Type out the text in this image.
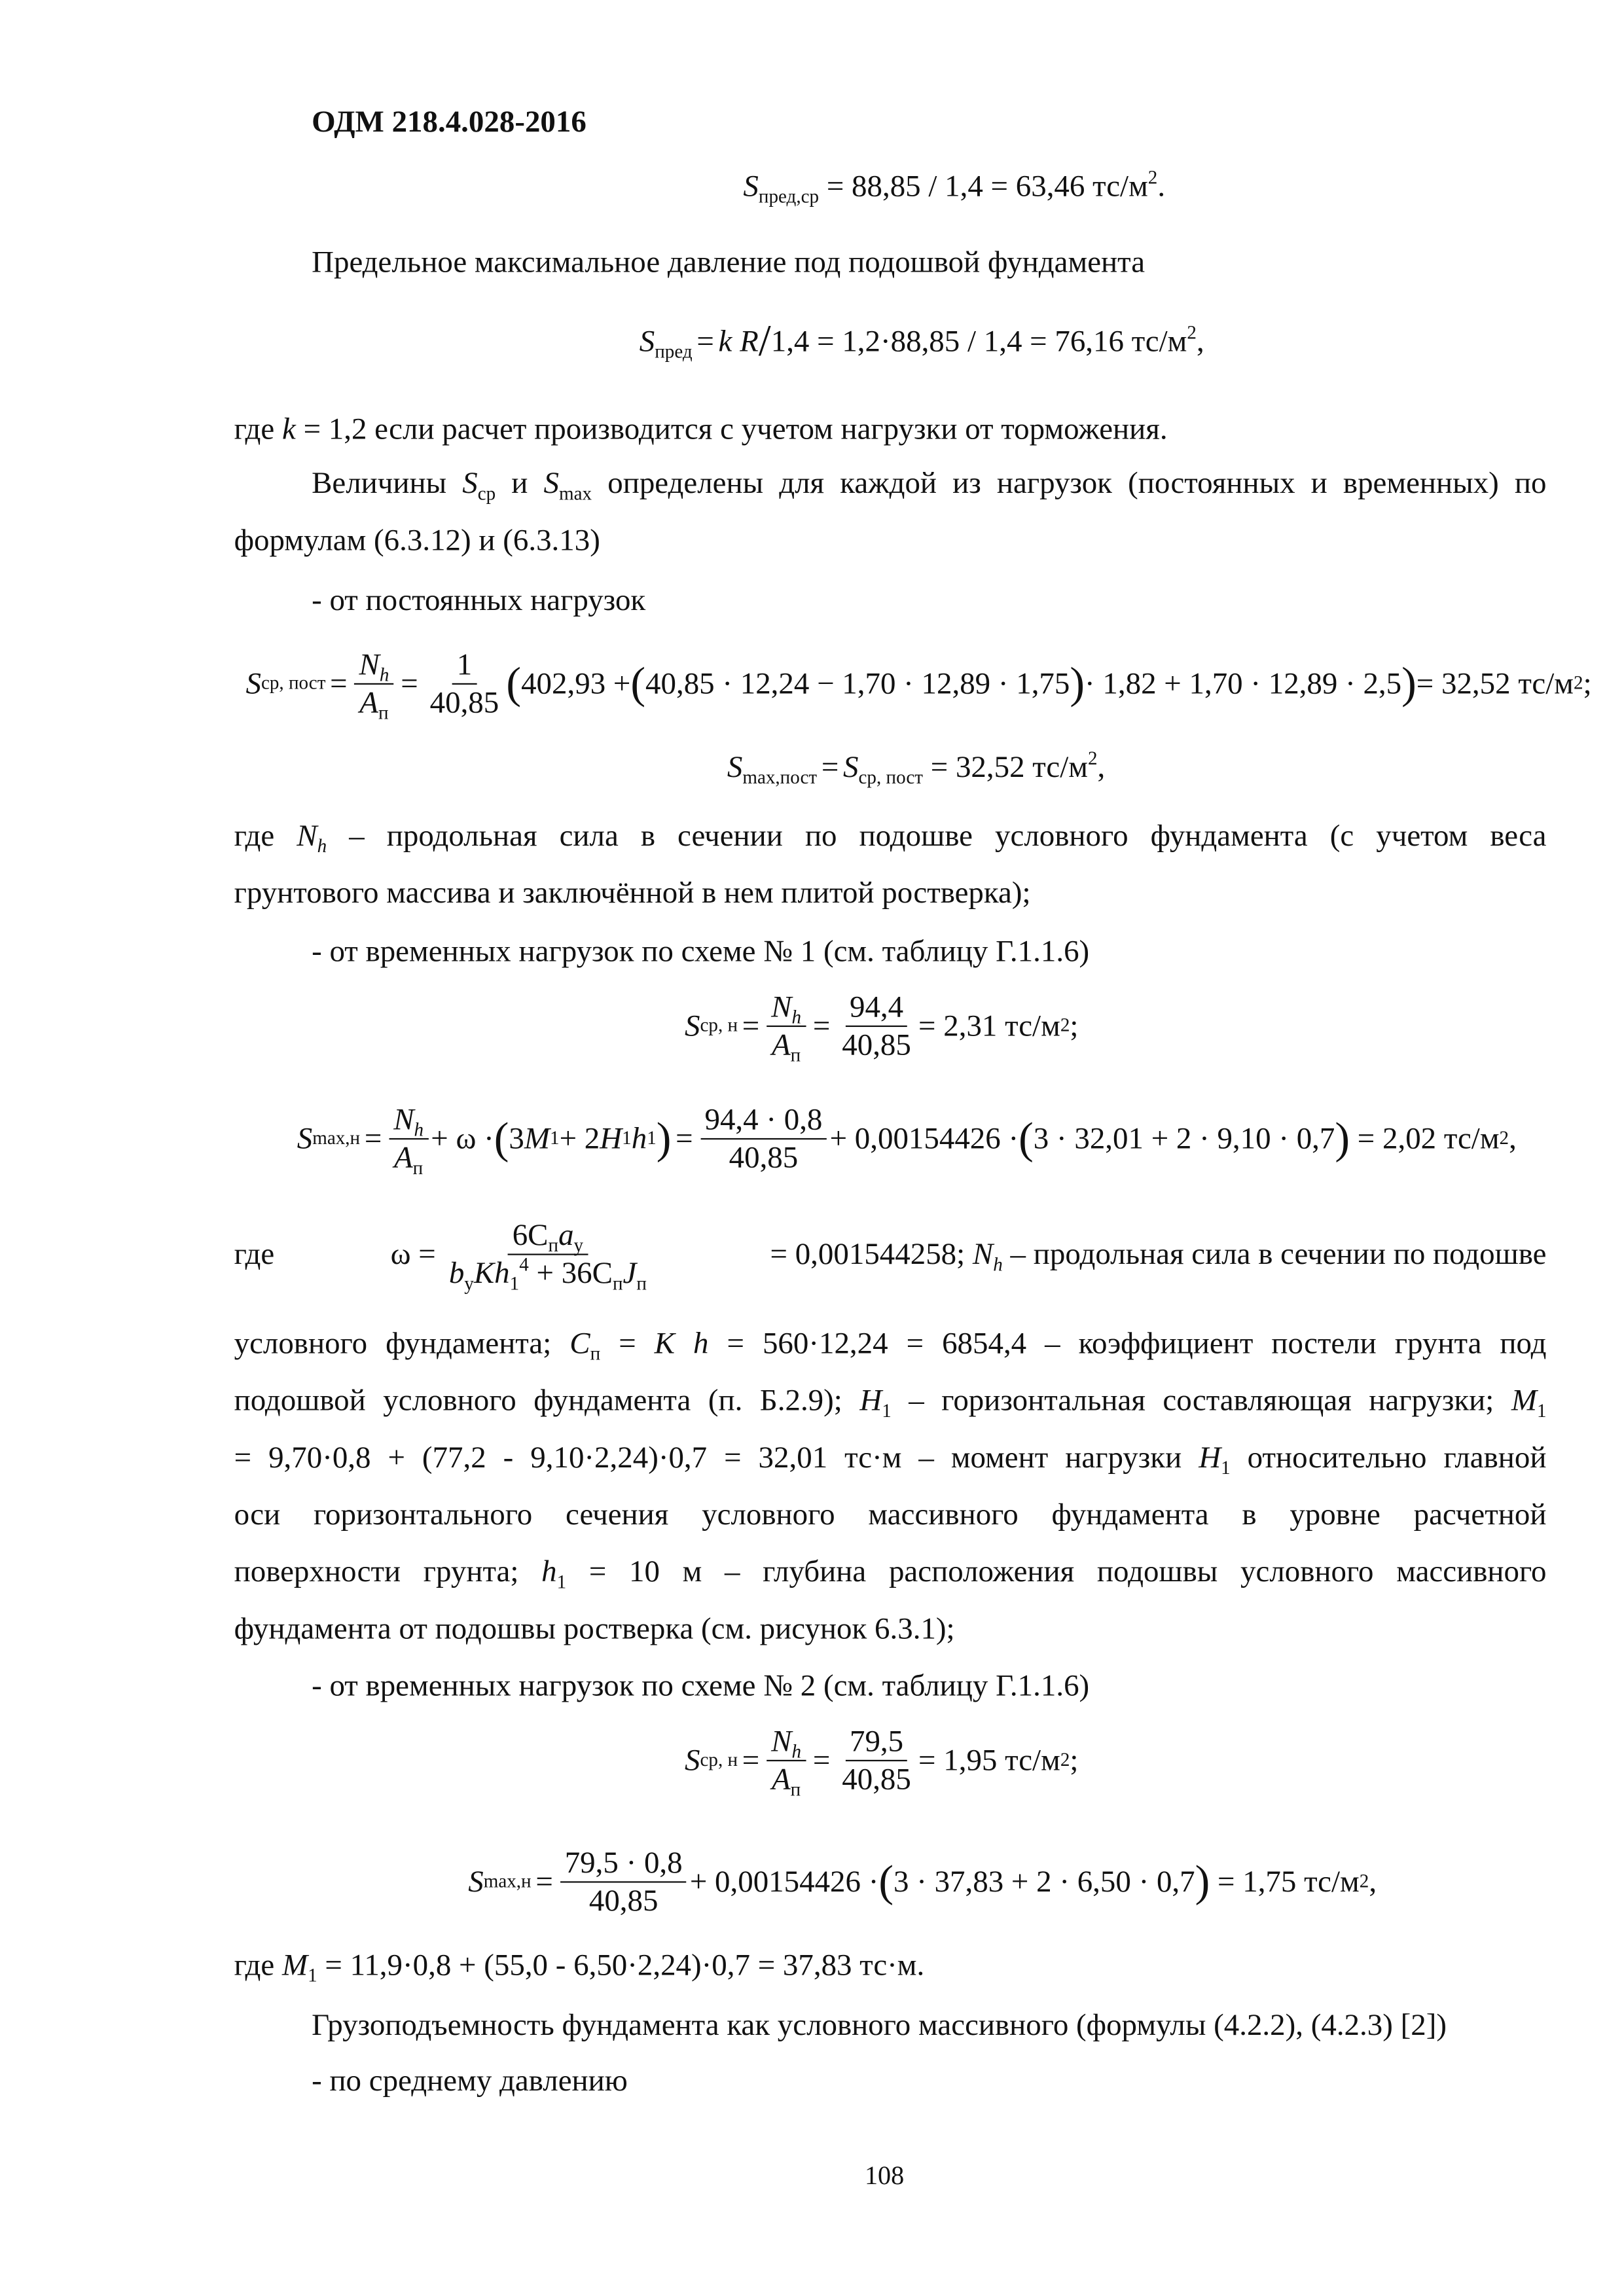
ОДМ 218.4.028-2016
$S_{пред,ср} = 88,85 / 1,4 = 63,46$ $тс/м^2$.
Предельное максимальное давление под подошвой фундамента
$S_{пред} = k$ R/1,4 = 1,2·88,85 / 1,4 = 76,16 $тс/м^2$,
где k = 1,2 если расчет производится с учетом нагрузки от торможения.
Величины $S_{ср}$ и $S_{max}$ определены для каждой из нагрузок (постоянных и временных) по
формулам (6.3.12) и (6.3.13)
- от постоянных нагрузок
S ср, пост = $\frac{N_h}{A_п} = \frac{1}{40,85}$ ( 402,93 + ( 40,85 · 12,24 − 1,70 · 12,89 · 1,75 ) · 1,82 + 1,70 · 12,89 · 2,5 ) = 32,52 тс/м 2 ;
$S_{max,пост} = S_{ср, пост} = 32,52$ $тс/м^2$,
где $N_h$ – продольная сила в сечении по подошве условного фундамента (с учетом веса
грунтового массива и заключённой в нем плитой ростверка);
- от временных нагрузок по схеме № 1 (см. таблицу Г.1.1.6)
S ср, $н = \frac{N_h}{A_п} = \frac{94,4}{40,85} = 2,31$ тс/м 2 ;
S $\max,н = \frac{N_h}{A_п} + \omega$ · ( 3 M 1 + 2 H 1 h 1 ) = $\frac{94,4 \cdot 0,8}{40,85} + 0,00154426$ · ( 3 · 32,01 + 2 · 9,10 · 0,7 )
= 2,02 тс/м 2 ,
где	$\omega = \frac{6C_пa_у}{b_уKh_1^4 + 36C_пJ_п}$	= 0,001544258; $N_h$ – продольная сила в сечении по подошве
условного фундамента; $C_п = K$ h = 560·12,24 = 6854,4 – коэффициент постели грунта под
подошвой условного фундамента (п. Б.2.9); $H_1$ – горизонтальная составляющая нагрузки; $M_1$
= 9,70·0,8 + (77,2 - 9,10·2,24)·0,7 = 32,01 тс·м – момент нагрузки $H_1$ относительно главной
оси горизонтального сечения условного массивного фундамента в уровне расчетной
поверхности грунта; $h_1 = 10$ м – глубина расположения подошвы условного массивного
фундамента от подошвы ростверка (см. рисунок 6.3.1);
- от временных нагрузок по схеме № 2 (см. таблицу Г.1.1.6)
S ср, $н = \frac{N_h}{A_п} = \frac{79,5}{40,85} = 1,95$ тс/м 2 ;
S $\max,н = \frac{79,5 \cdot 0,8}{40,85} + 0,00154426$ · ( 3 · 37,83 + 2 · 6,50 · 0,7 )
= 1,75 тс/м 2 ,
где $M_1 = 11,9\cdot 0,8 + (55,0 - 6,50\cdot 2,24)\cdot 0,7 = 37,83$ тс·м.
Грузоподъемность фундамента как условного массивного (формулы (4.2.2), (4.2.3) [2])
- по среднему давлению
108
